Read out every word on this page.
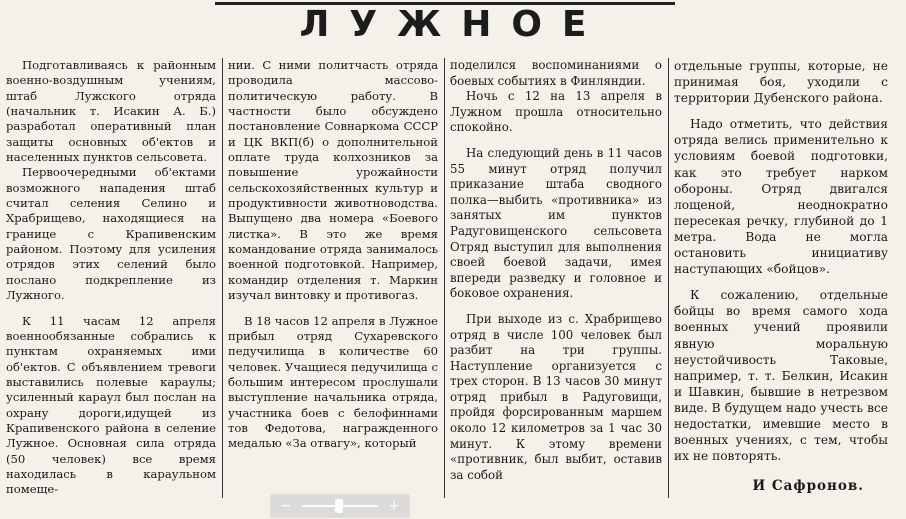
ЛУЖНОЕ

Подготавливаясь к районным военно-воздушным учениям, штаб Лужского отряда (начальник т. Исакин А. Б.) разработал оперативный план защиты основных об'ектов и населенных пунктов сельсовета.

Первоочередными об'ектами возможного нападения штаб считал селения Селино и Храбрищево, находящиеся на границе с Крапивенским районом. Поэтому для усиления отрядов этих селений было послано подкрепление из Лужного.

К 11 часам 12 апреля военнообязанные собрались к пунктам охраняемых ими об'ектов. С объявлением тревоги выставились полевые караулы; усиленный караул был послан на охрану дороги,идущей из Крапивенского района в селение Лужное. Основная сила отряда (50 человек) все время находилась в караульном помеще-

нии. С ними политчасть отряда проводила массово-политическую работу. В частности было обсуждено постановление Совнаркома СССР и ЦК ВКП(б) о дополнительной оплате труда колхозников за повышение урожайности сельскохозяйственных культур и продуктивности животноводства. Выпущено два номера «Боевого листка». В это же время командование отряда занималось военной подготовкой. Например, командир отделения т. Маркин изучал винтовку и противогаз.

В 18 часов 12 апреля в Лужное прибыл отряд Сухаревского педучилища в количестве 60 человек. Учащиеся педучилища с большим интересом прослушали выступление начальника отряда, участника боев с белофиннами тов Федотова, награжденного медалью «За отвагу», который

поделился воспоминаниями о боевых событиях в Финляндии.

Ночь с 12 на 13 апреля в Лужном прошла относительно спокойно.

На следующий день в 11 часов 55 минут отряд получил приказание штаба сводного полка—выбить «противника» из занятых им пунктов Радуговищенского сельсовета Отряд выступил для выполнения своей боевой задачи, имея впереди разведку и головное и боковое охранения.

При выходе из с. Храбрищево отряд в числе 100 человек был разбит на три группы. Наступление организуется с трех сторон. В 13 часов 30 минут отряд прибыл в Радуговищи, пройдя форсированным маршем около 12 километров за 1 час 30 минут. К этому времени «противник, был выбит, оставив за собой

отдельные группы, которые, не принимая боя, уходили с территории Дубенского района.

Надо отметить, что действия отряда велись применительно к условиям боевой подготовки, как это требует нарком обороны. Отряд двигался лощеной, неоднократно пересекая речку, глубиной до 1 метра. Вода не могла остановить инициативу наступающих «бойцов».

К сожалению, отдельные бойцы во время самого хода военных учений проявили явную моральную неустойчивость Таковые, например, т. т. Белкин, Исакин и Шавкин, бывшие в нетрезвом виде. В будущем надо учесть все недостатки, имевшие место в военных учениях, с тем, чтобы их не повторять.

И Сафронов.
−	+
